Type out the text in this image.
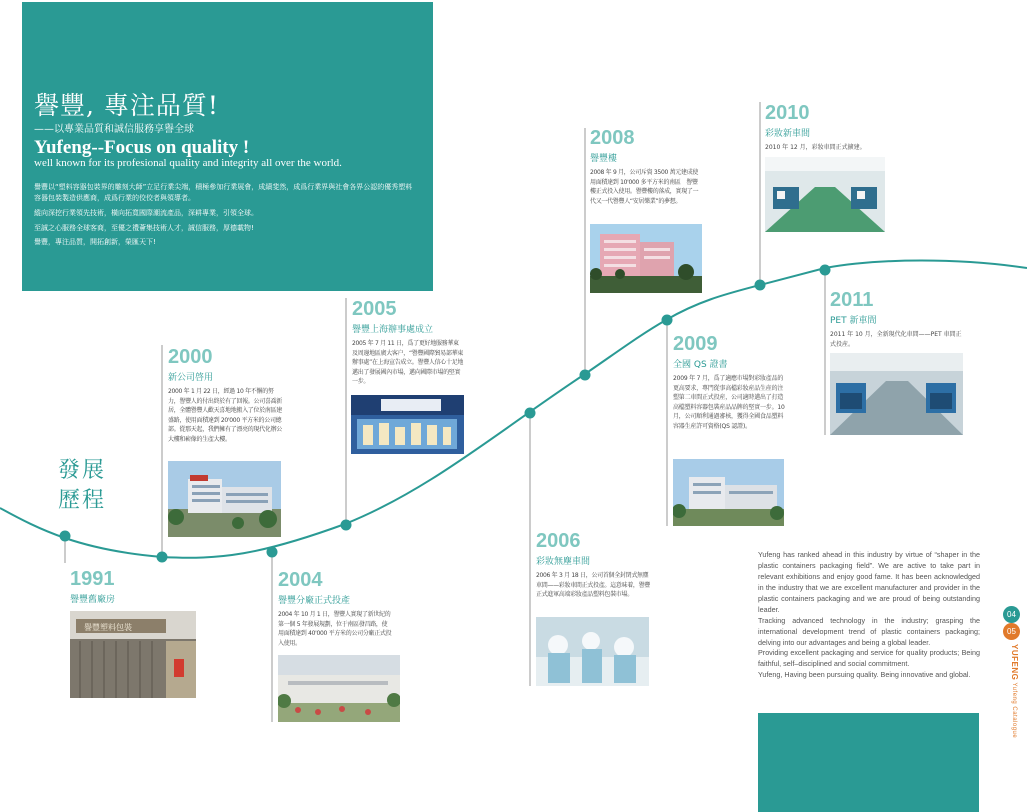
譽豐, 專注品質!
——以專業品質和誠信服務享譽全球
Yufeng--Focus on quality !
well known for its profesional quality and integrity all over the world.

譽豐以“塑料容器包裝界的雕刻大師”立足行業尖端，積極參加行業展會，成績斐然，成爲行業界與社會各界公認的優秀塑料容器包裝製造供應商，成爲行業的佼佼者與領導者。

縱向深挖行業領先技術，橫向拓寬國際潮流產品，深耕專業，引領全球。

至誠之心服務全球客商，至優之禮薈集技術人才，誠信服務，厚德載物!

譽豐，專注品質，開拓創新，榮匯天下!

發展
歷程
1991
譽豐舊廠房
譽豐塑料包裝
2000
新公司啓用
2000 年 1 月 22 日，經過 10 年不懈的努力，譽豐人的付出終於有了回報。公司喜喬新居，全體譽豐人歡天喜地地搬入了位於南區建盛路，使用面積達到 20'000 平方米的公司總部。從那天起，我們擁有了漂亮的現代化辦公大樓和嶄像的生產大樓。
2004
譽豐分廠正式投產
2004 年 10 月 1 日，譽豐人實現了新世紀的第一個 5 年發展規劃，位于南區發昌路，使用面積達到 40'000 平方米的公司分廠正式投入使用。
2005
譽豐上海辦事處成立
2005 年 7 月 11 日，爲了更好地服務華東及周邊地區廣大客户，“譽豐國際貿易部華東辦事處”在上海宣告成立。譽豐人信心十足地邁出了發展國內市場，邁向國際市場的堅實一步。
2006
彩妝無塵車間
2006 年 3 月 18 日，公司首個全封閉式無塵車間——彩妝車間正式投產。這意味着，譽豐正式進軍高端彩妝產品塑料包裝市場。
2008
譽豐樓
2008 年 9 月，公司斥資 3500 萬元建成使用面積達到 10'000 多平方米的南區　譽豐樓正式投入使用。譽豐樓的落成，實現了一代又一代譽豐人“安居樂業”的夢想。
2009
全國 QS 證書
2009 年 7 月，爲了適應市場對彩妝產品的更高要求，專門從事高檔彩妝産品生産的注塑第二車間正式投産，公司適時邁出了打造高檔塑料容器包裝産品品牌的堅實一步。10 月，公司順利通過審核，獲得全國食品塑料容器生産許可資格(QS 認證)。
2010
彩妝新車間
2010 年 12 月，彩妝車間正式擴建。
2011
PET 新車間
2011 年 10 月，全新現代化車間——PET 車間正式投産。
Yufeng has ranked ahead in this industry by virtue of “shaper in the plastic containers packaging field”. We are active to take part in relevant exhibitions and enjoy good fame. It has been acknowledged in the industry that we are excellent manufacturer and provider in the plastic containers packaging and we are proud of being outstanding leader.
Tracking advanced technology in the industry; grasping the international development trend of plastic containers packaging; delving into our advantages and being a global leader.
Providing excellent packaging and service for quality products; Being faithful, self–disciplined and social commitment.
Yufeng, Having been pursuing quality. Being innovative and global.
04
05
YUFENG Yufeng Catalogue
